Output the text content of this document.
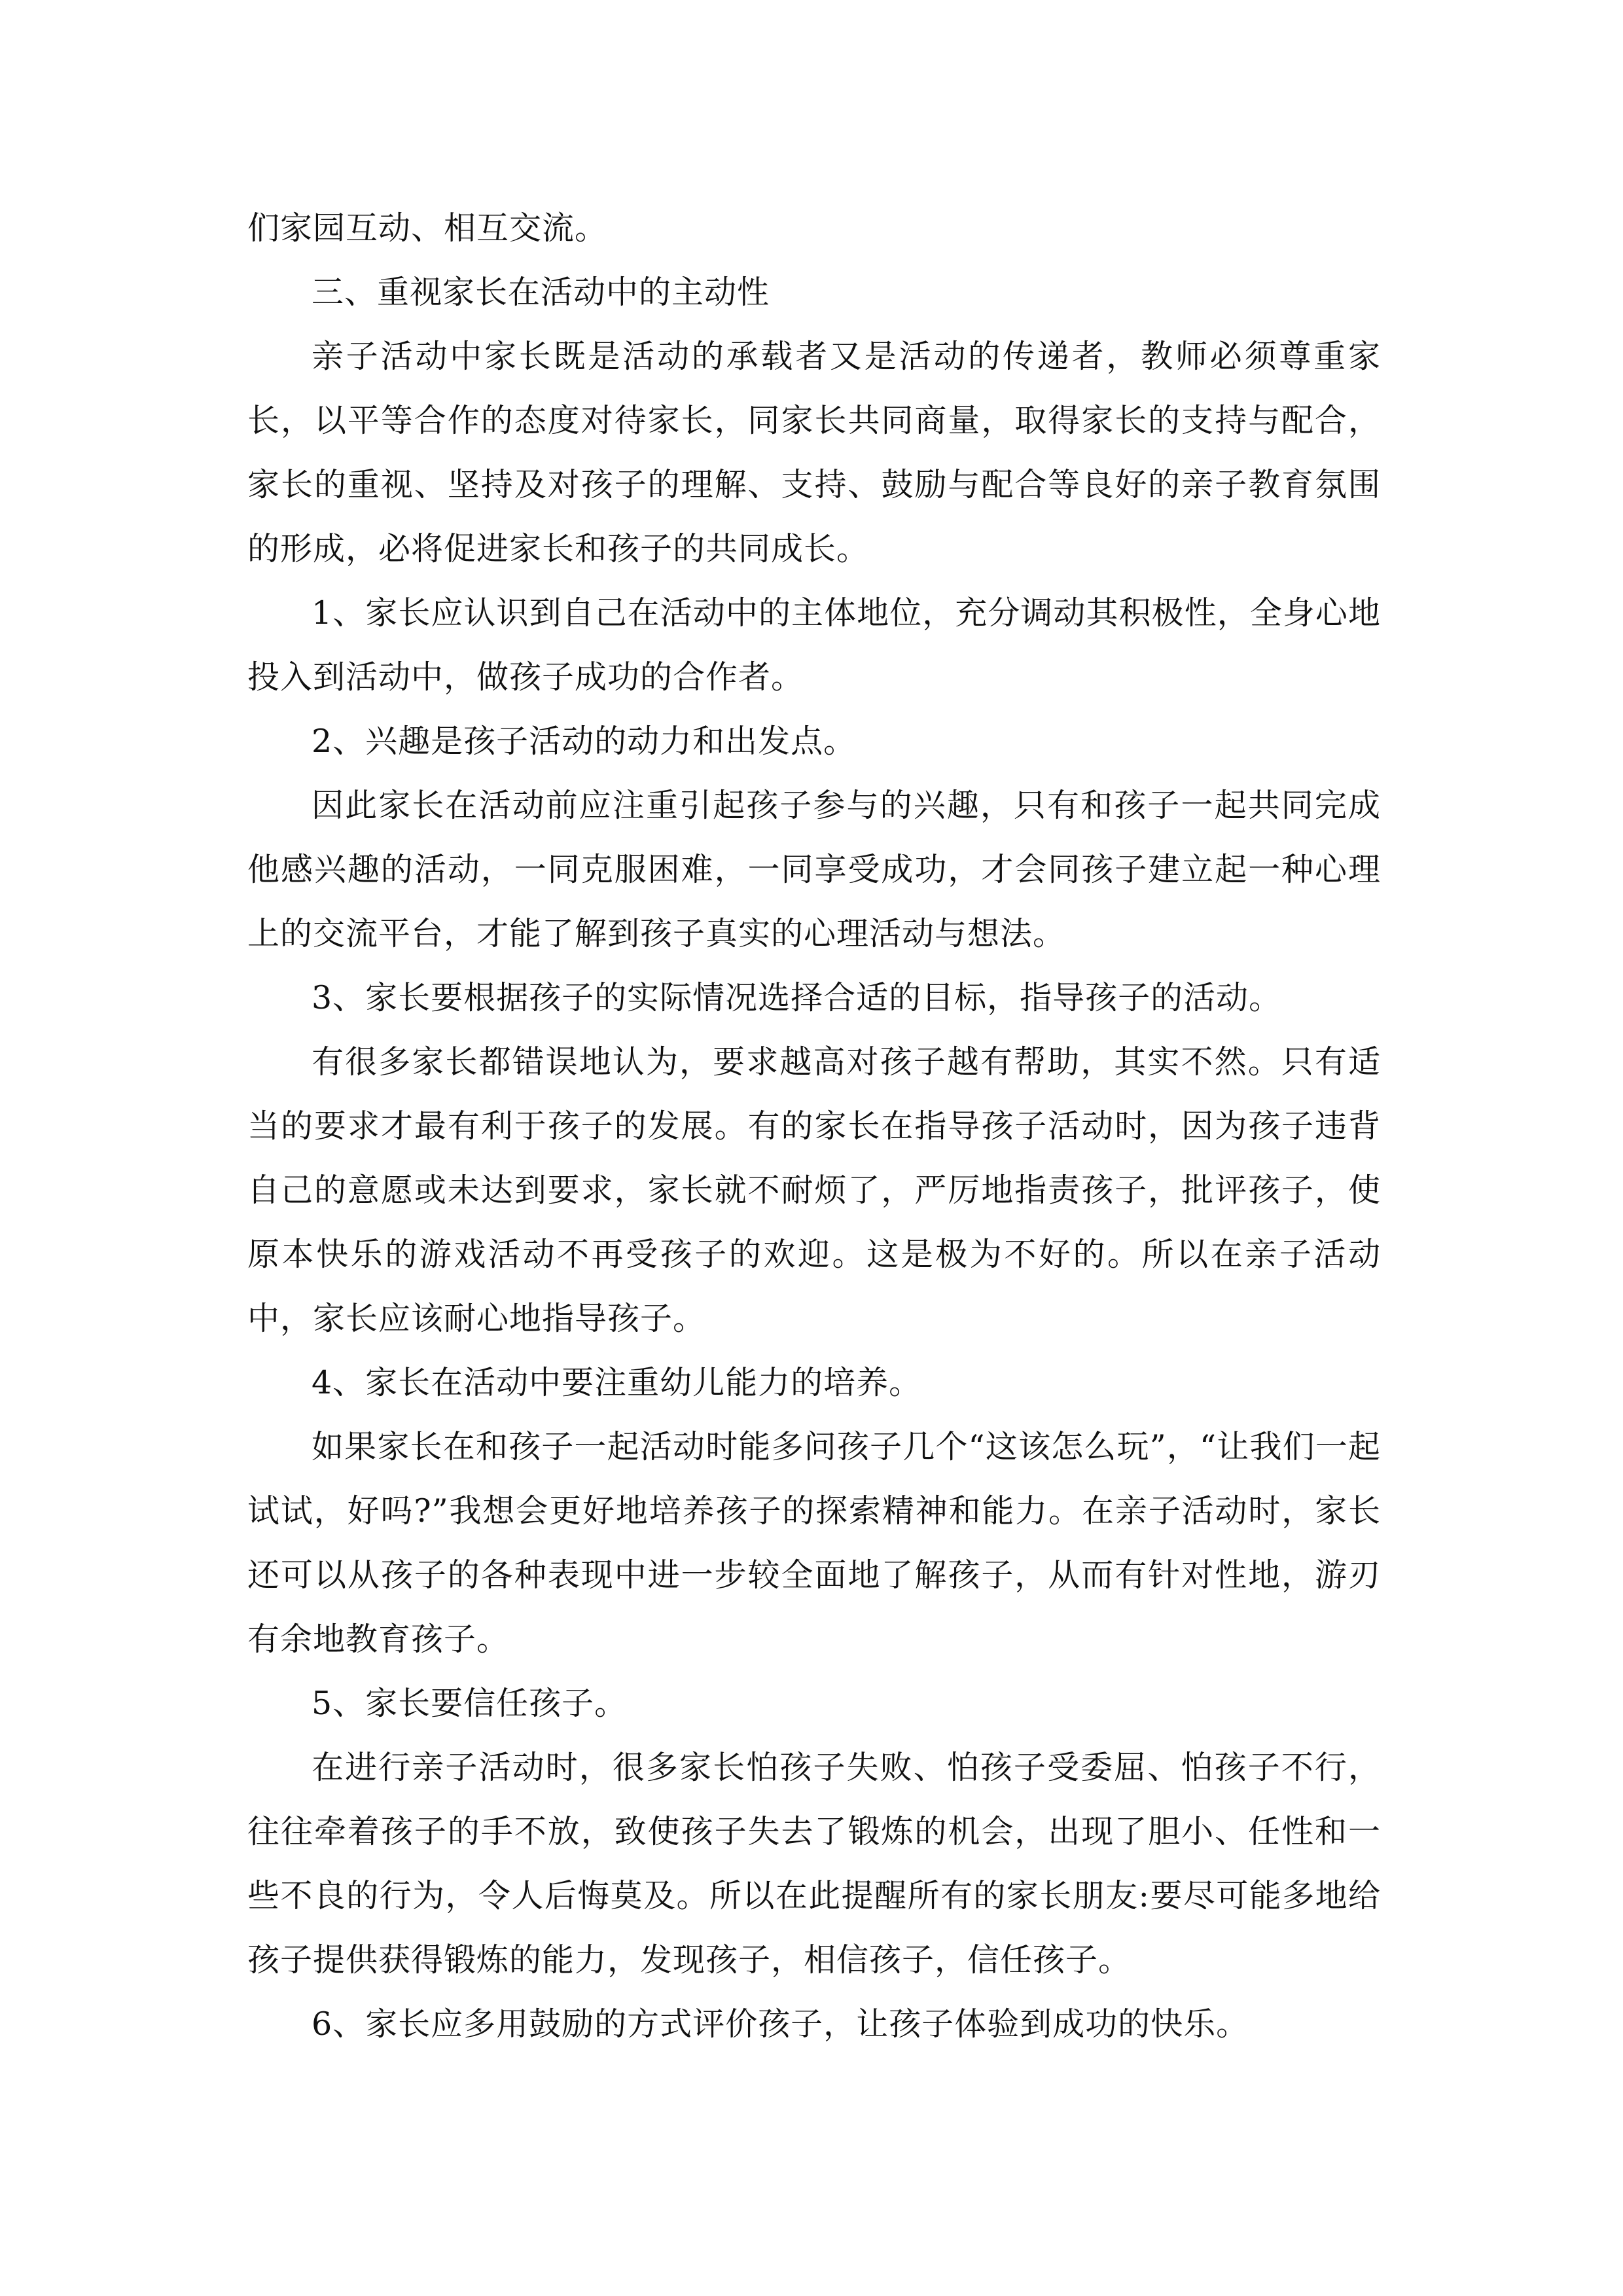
们家园互动、相互交流。

三、重视家长在活动中的主动性

亲子活动中家长既是活动的承载者又是活动的传递者，教师必须尊重家长，以平等合作的态度对待家长，同家长共同商量，取得家长的支持与配合，家长的重视、坚持及对孩子的理解、支持、鼓励与配合等良好的亲子教育氛围的形成，必将促进家长和孩子的共同成长。

1、家长应认识到自己在活动中的主体地位，充分调动其积极性，全身心地投入到活动中，做孩子成功的合作者。

2、兴趣是孩子活动的动力和出发点。

因此家长在活动前应注重引起孩子参与的兴趣，只有和孩子一起共同完成他感兴趣的活动，一同克服困难，一同享受成功，才会同孩子建立起一种心理上的交流平台，才能了解到孩子真实的心理活动与想法。

3、家长要根据孩子的实际情况选择合适的目标，指导孩子的活动。

有很多家长都错误地认为，要求越高对孩子越有帮助，其实不然。只有适当的要求才最有利于孩子的发展。有的家长在指导孩子活动时，因为孩子违背自己的意愿或未达到要求，家长就不耐烦了，严厉地指责孩子，批评孩子，使原本快乐的游戏活动不再受孩子的欢迎。这是极为不好的。所以在亲子活动中，家长应该耐心地指导孩子。

4、家长在活动中要注重幼儿能力的培养。

如果家长在和孩子一起活动时能多问孩子几个“这该怎么玩”，“让我们一起试试，好吗?”我想会更好地培养孩子的探索精神和能力。在亲子活动时，家长还可以从孩子的各种表现中进一步较全面地了解孩子，从而有针对性地，游刃有余地教育孩子。

5、家长要信任孩子。

在进行亲子活动时，很多家长怕孩子失败、怕孩子受委屈、怕孩子不行，往往牵着孩子的手不放，致使孩子失去了锻炼的机会，出现了胆小、任性和一些不良的行为，令人后悔莫及。所以在此提醒所有的家长朋友:要尽可能多地给孩子提供获得锻炼的能力，发现孩子，相信孩子，信任孩子。

6、家长应多用鼓励的方式评价孩子，让孩子体验到成功的快乐。
